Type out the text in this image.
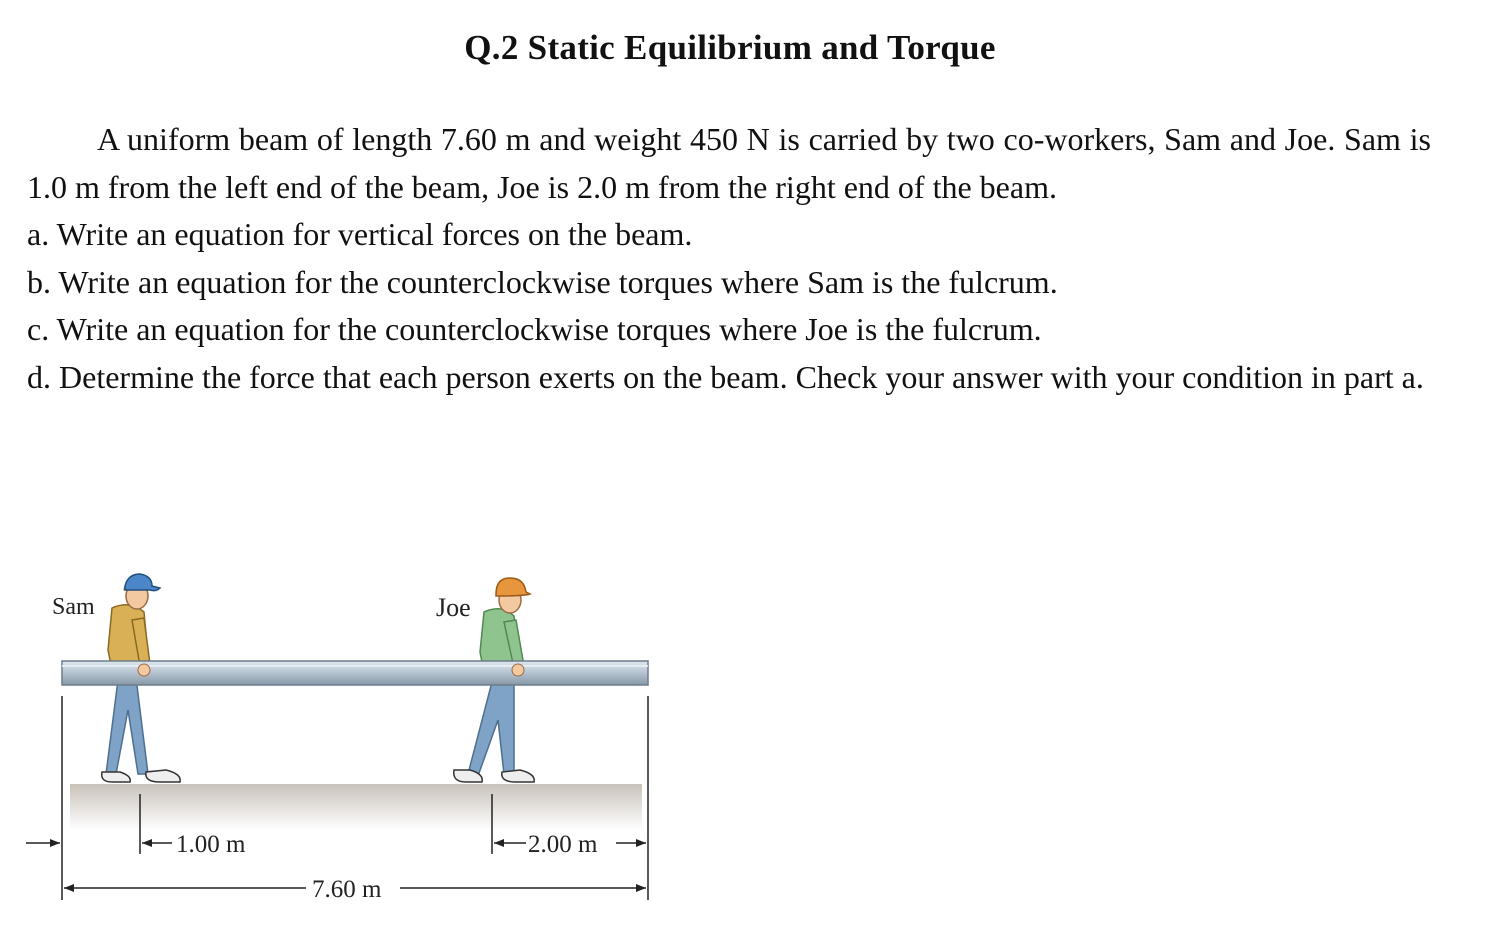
Q.2 Static Equilibrium and Torque

A uniform beam of length 7.60 m and weight 450 N is carried by two co-workers, Sam and Joe. Sam is 1.0 m from the left end of the beam, Joe is 2.0 m from the right end of the beam.

a. Write an equation for vertical forces on the beam.

b. Write an equation for the counterclockwise torques where Sam is the fulcrum.

c. Write an equation for the counterclockwise torques where Joe is the fulcrum.

d. Determine the force that each person exerts on the beam. Check your answer with your condition in part a.

Sam	Joe
1.00 m	2.00 m
7.60 m
